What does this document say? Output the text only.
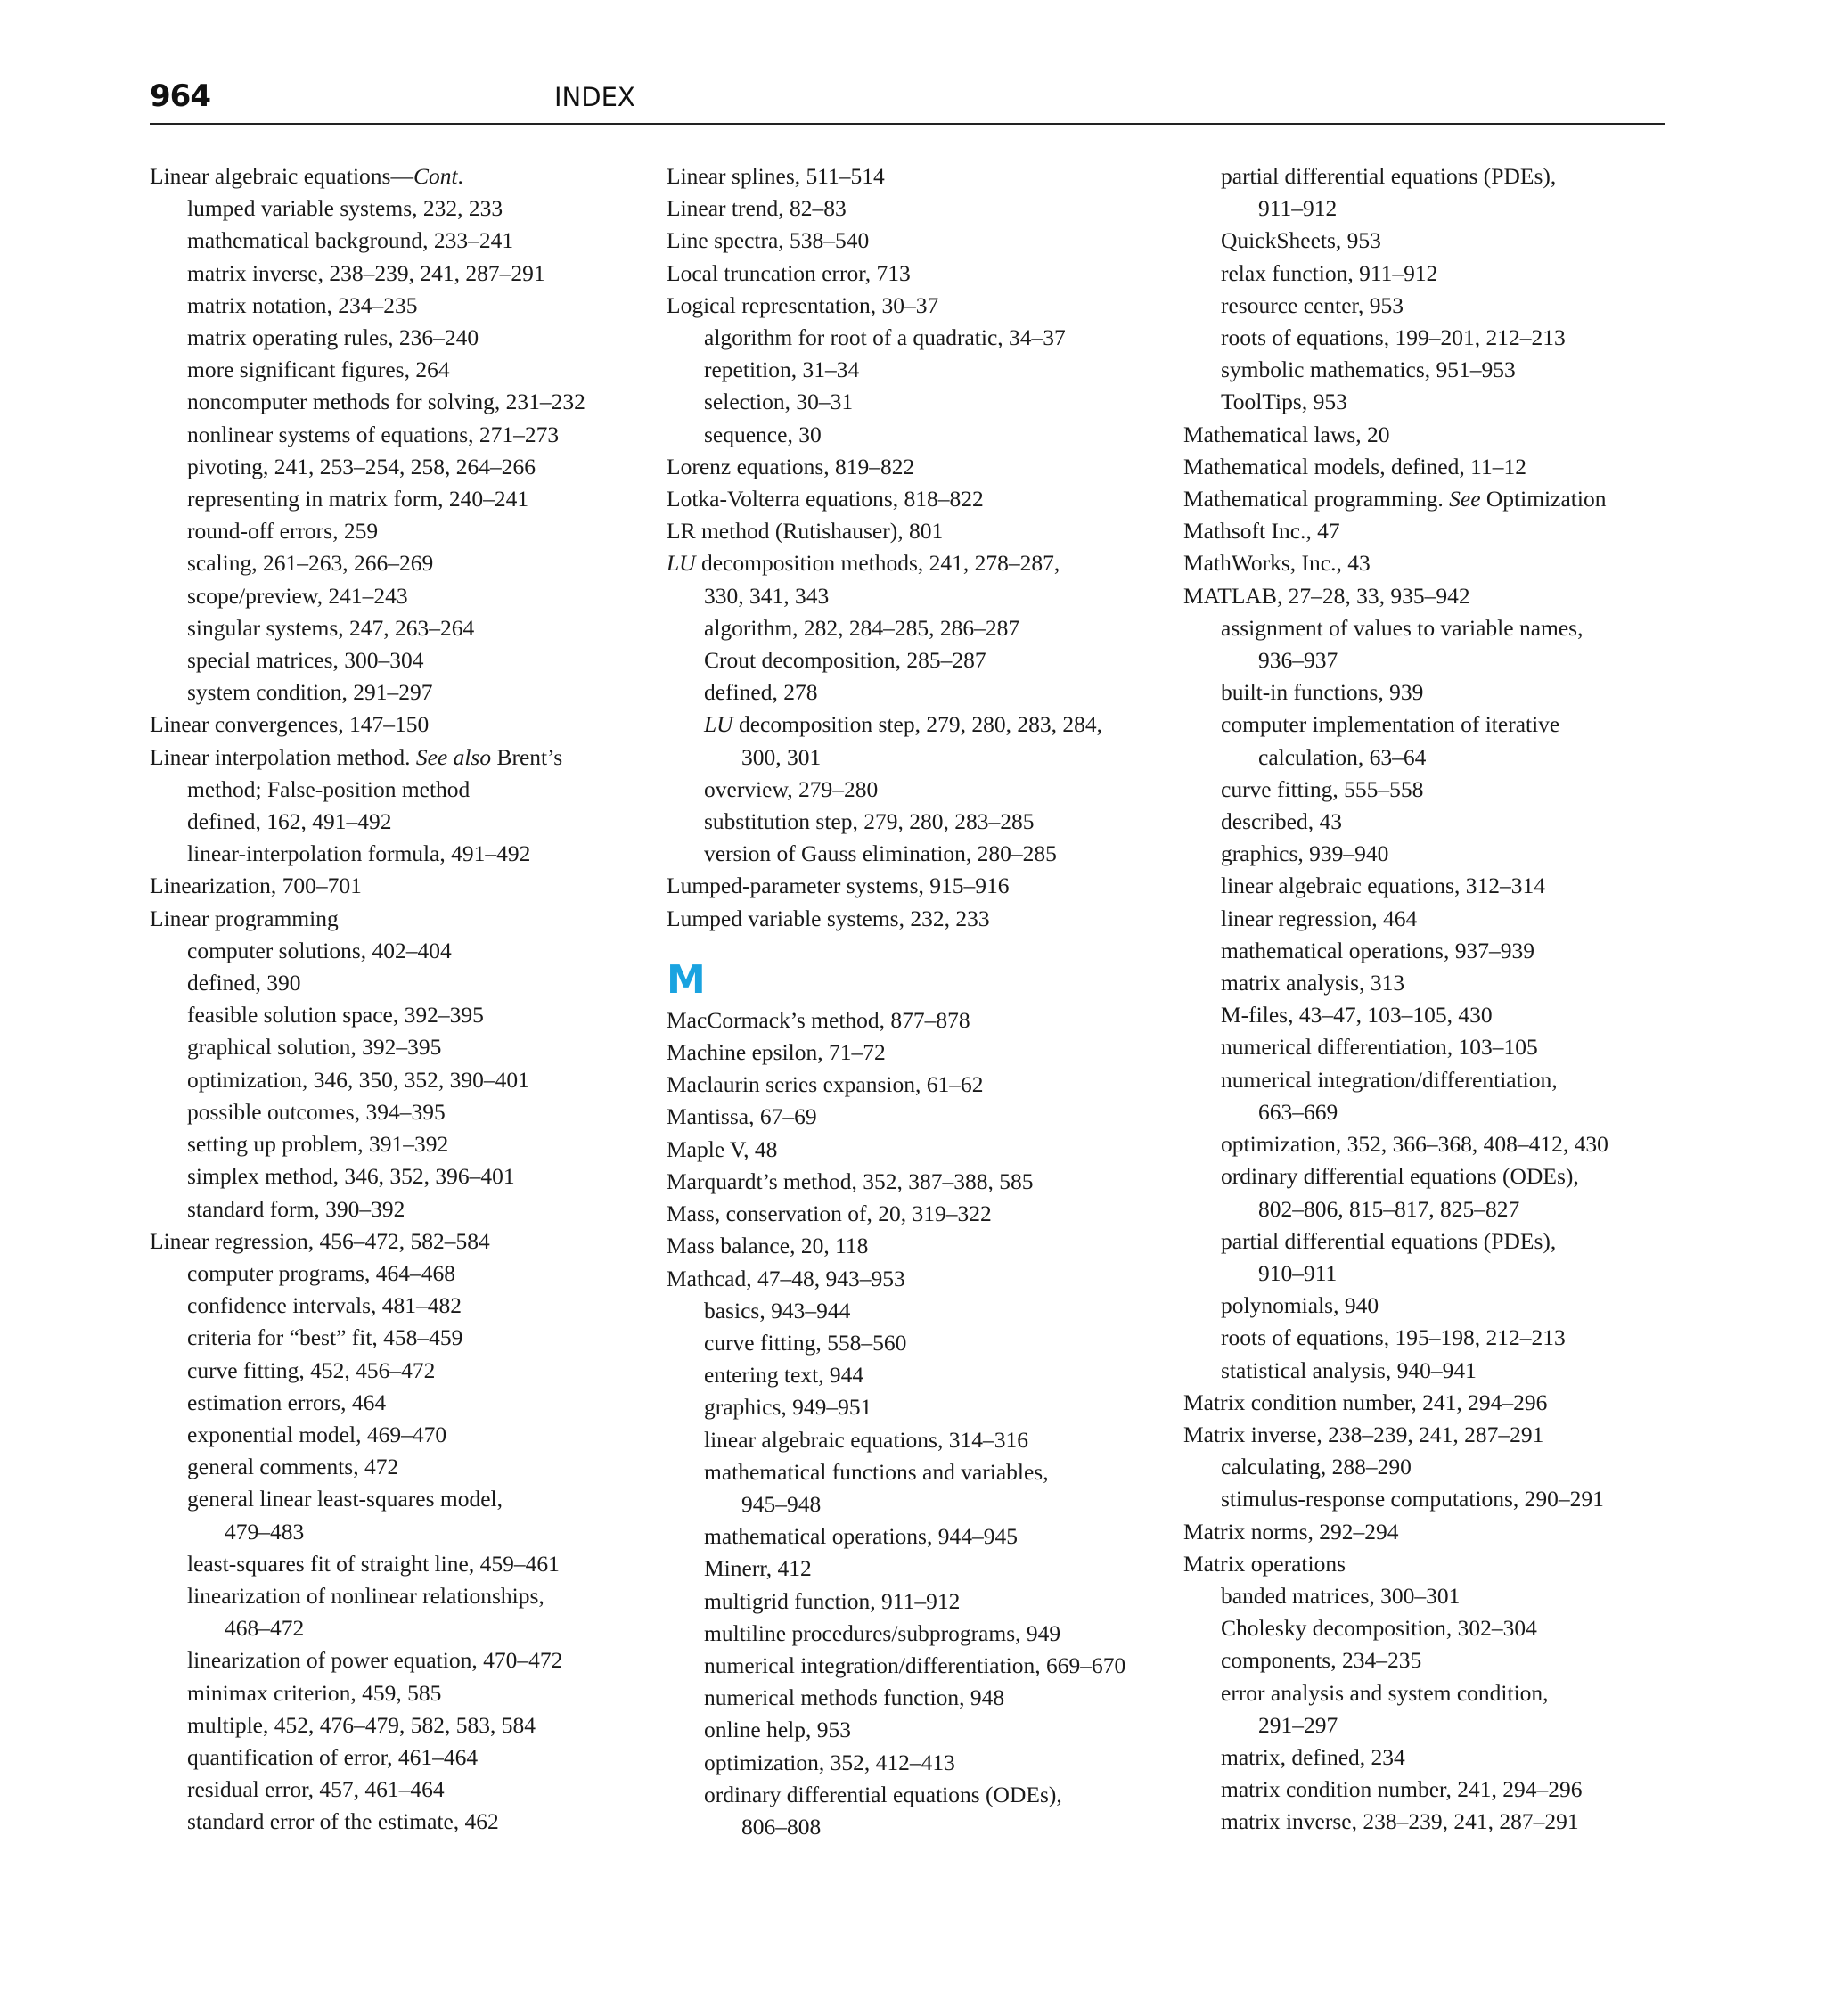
964	INDEX

Linear algebraic equations—Cont.

lumped variable systems, 232, 233

mathematical background, 233–241

matrix inverse, 238–239, 241, 287–291

matrix notation, 234–235

matrix operating rules, 236–240

more significant figures, 264

noncomputer methods for solving, 231–232

nonlinear systems of equations, 271–273

pivoting, 241, 253–254, 258, 264–266

representing in matrix form, 240–241

round-off errors, 259

scaling, 261–263, 266–269

scope/preview, 241–243

singular systems, 247, 263–264

special matrices, 300–304

system condition, 291–297

Linear convergences, 147–150

Linear interpolation method. See also Brent’s

method; False-position method

defined, 162, 491–492

linear-interpolation formula, 491–492

Linearization, 700–701

Linear programming

computer solutions, 402–404

defined, 390

feasible solution space, 392–395

graphical solution, 392–395

optimization, 346, 350, 352, 390–401

possible outcomes, 394–395

setting up problem, 391–392

simplex method, 346, 352, 396–401

standard form, 390–392

Linear regression, 456–472, 582–584

computer programs, 464–468

confidence intervals, 481–482

criteria for “best” fit, 458–459

curve fitting, 452, 456–472

estimation errors, 464

exponential model, 469–470

general comments, 472

general linear least-squares model,

479–483

least-squares fit of straight line, 459–461

linearization of nonlinear relationships,

468–472

linearization of power equation, 470–472

minimax criterion, 459, 585

multiple, 452, 476–479, 582, 583, 584

quantification of error, 461–464

residual error, 457, 461–464

standard error of the estimate, 462

Linear splines, 511–514

Linear trend, 82–83

Line spectra, 538–540

Local truncation error, 713

Logical representation, 30–37

algorithm for root of a quadratic, 34–37

repetition, 31–34

selection, 30–31

sequence, 30

Lorenz equations, 819–822

Lotka-Volterra equations, 818–822

LR method (Rutishauser), 801

LU decomposition methods, 241, 278–287,

330, 341, 343

algorithm, 282, 284–285, 286–287

Crout decomposition, 285–287

defined, 278

LU decomposition step, 279, 280, 283, 284,

300, 301

overview, 279–280

substitution step, 279, 280, 283–285

version of Gauss elimination, 280–285

Lumped-parameter systems, 915–916

Lumped variable systems, 232, 233

M

MacCormack’s method, 877–878

Machine epsilon, 71–72

Maclaurin series expansion, 61–62

Mantissa, 67–69

Maple V, 48

Marquardt’s method, 352, 387–388, 585

Mass, conservation of, 20, 319–322

Mass balance, 20, 118

Mathcad, 47–48, 943–953

basics, 943–944

curve fitting, 558–560

entering text, 944

graphics, 949–951

linear algebraic equations, 314–316

mathematical functions and variables,

945–948

mathematical operations, 944–945

Minerr, 412

multigrid function, 911–912

multiline procedures/subprograms, 949

numerical integration/differentiation, 669–670

numerical methods function, 948

online help, 953

optimization, 352, 412–413

ordinary differential equations (ODEs),

806–808

partial differential equations (PDEs),

911–912

QuickSheets, 953

relax function, 911–912

resource center, 953

roots of equations, 199–201, 212–213

symbolic mathematics, 951–953

ToolTips, 953

Mathematical laws, 20

Mathematical models, defined, 11–12

Mathematical programming. See Optimization

Mathsoft Inc., 47

MathWorks, Inc., 43

MATLAB, 27–28, 33, 935–942

assignment of values to variable names,

936–937

built-in functions, 939

computer implementation of iterative

calculation, 63–64

curve fitting, 555–558

described, 43

graphics, 939–940

linear algebraic equations, 312–314

linear regression, 464

mathematical operations, 937–939

matrix analysis, 313

M-files, 43–47, 103–105, 430

numerical differentiation, 103–105

numerical integration/differentiation,

663–669

optimization, 352, 366–368, 408–412, 430

ordinary differential equations (ODEs),

802–806, 815–817, 825–827

partial differential equations (PDEs),

910–911

polynomials, 940

roots of equations, 195–198, 212–213

statistical analysis, 940–941

Matrix condition number, 241, 294–296

Matrix inverse, 238–239, 241, 287–291

calculating, 288–290

stimulus-response computations, 290–291

Matrix norms, 292–294

Matrix operations

banded matrices, 300–301

Cholesky decomposition, 302–304

components, 234–235

error analysis and system condition,

291–297

matrix, defined, 234

matrix condition number, 241, 294–296

matrix inverse, 238–239, 241, 287–291
